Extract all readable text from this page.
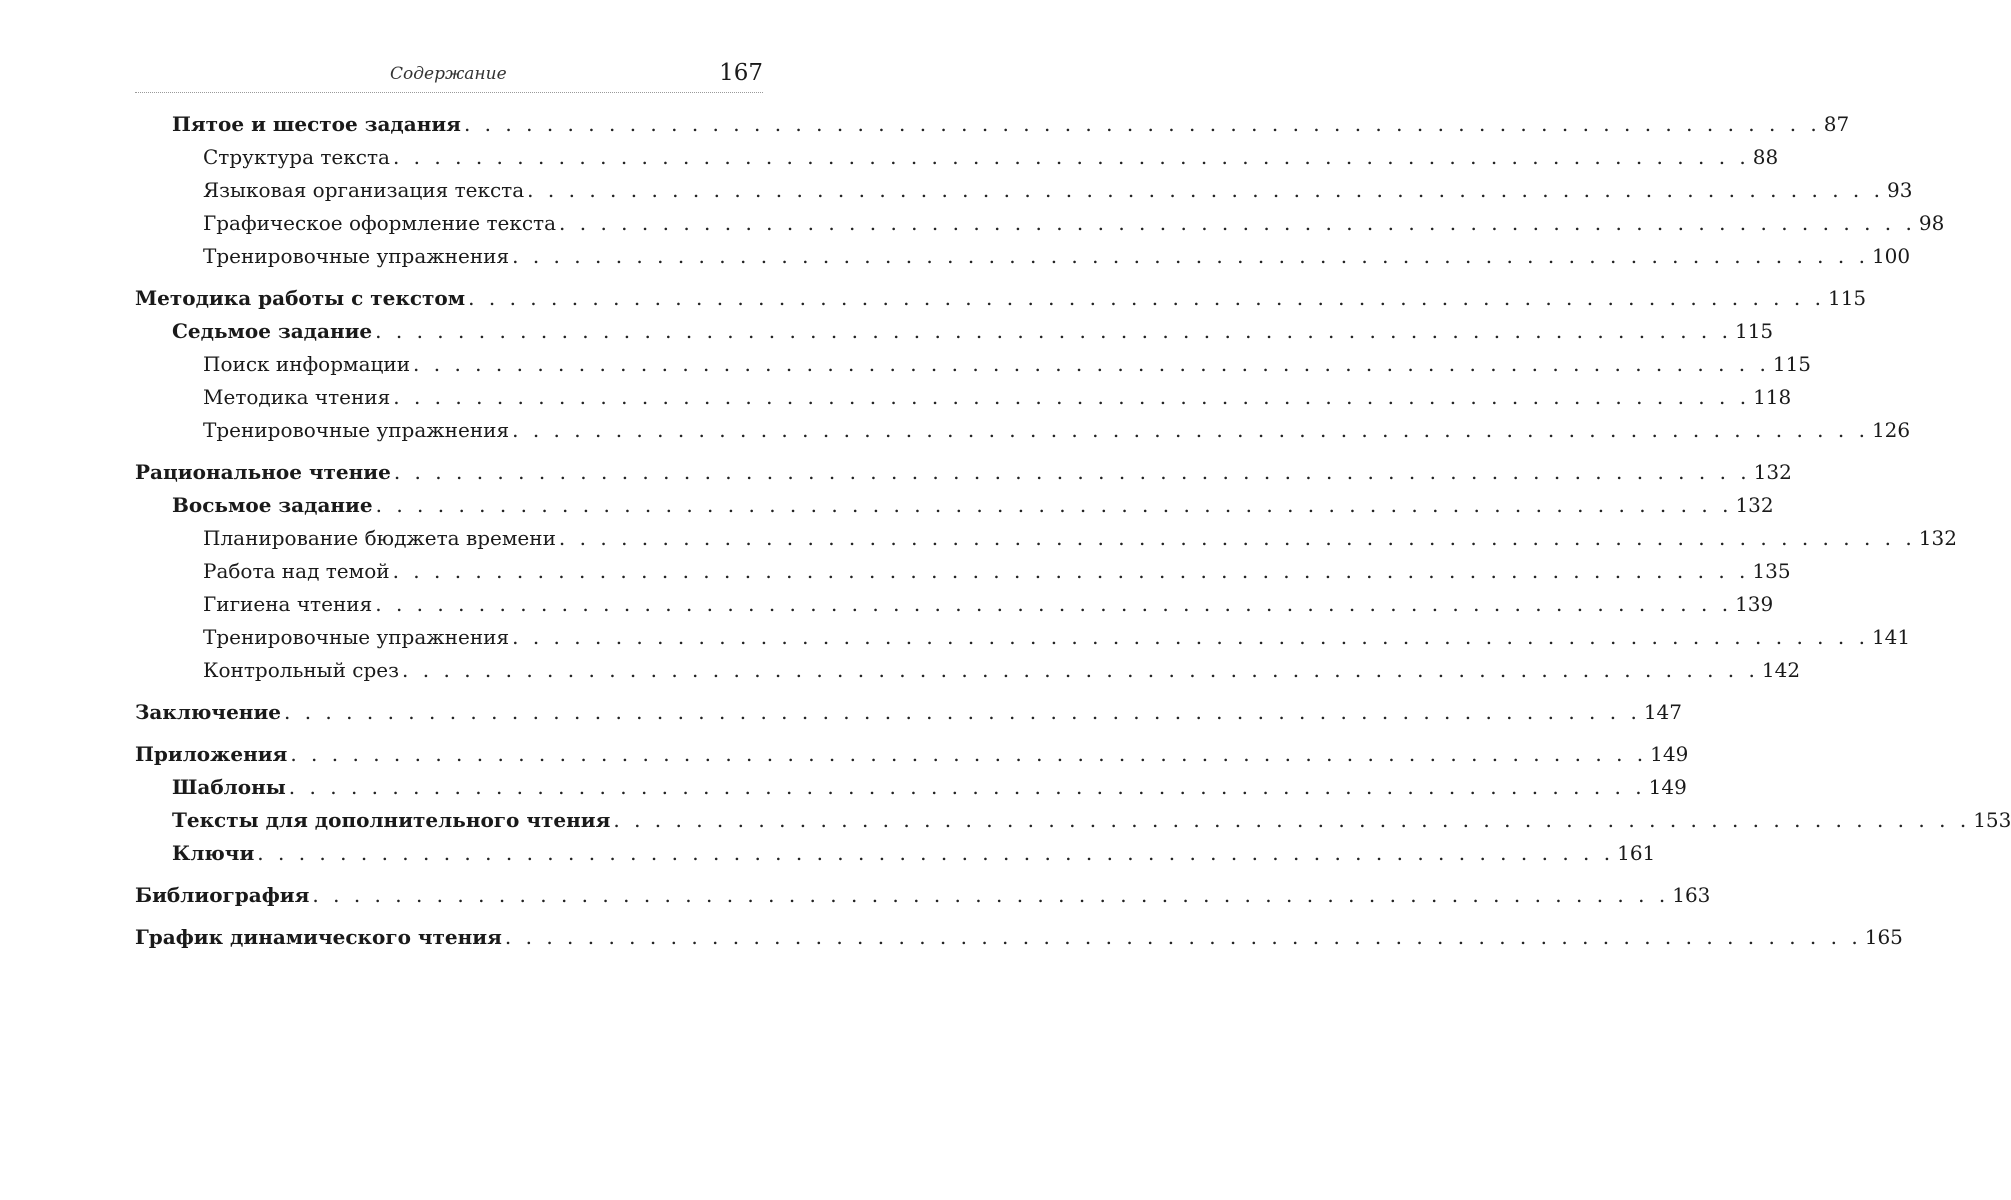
Содержание	167
Пятое и шестое задания . . . . . . . . . . . . . . . . . . . . . . . . . . . . . . . . . . . . . . . . . . . . . . . . . . . . . . . . . . . . . . . . . . 87
Структура текста . . . . . . . . . . . . . . . . . . . . . . . . . . . . . . . . . . . . . . . . . . . . . . . . . . . . . . . . . . . . . . . . . . 88
Языковая организация текста . . . . . . . . . . . . . . . . . . . . . . . . . . . . . . . . . . . . . . . . . . . . . . . . . . . . . . . . . . . . . . . . . . 93
Графическое оформление текста . . . . . . . . . . . . . . . . . . . . . . . . . . . . . . . . . . . . . . . . . . . . . . . . . . . . . . . . . . . . . . . . . . 98
Тренировочные упражнения . . . . . . . . . . . . . . . . . . . . . . . . . . . . . . . . . . . . . . . . . . . . . . . . . . . . . . . . . . . . . . . . . . 100
Методика работы с текстом . . . . . . . . . . . . . . . . . . . . . . . . . . . . . . . . . . . . . . . . . . . . . . . . . . . . . . . . . . . . . . . . . . 115
Седьмое задание . . . . . . . . . . . . . . . . . . . . . . . . . . . . . . . . . . . . . . . . . . . . . . . . . . . . . . . . . . . . . . . . . . 115
Поиск информации . . . . . . . . . . . . . . . . . . . . . . . . . . . . . . . . . . . . . . . . . . . . . . . . . . . . . . . . . . . . . . . . . . 115
Методика чтения . . . . . . . . . . . . . . . . . . . . . . . . . . . . . . . . . . . . . . . . . . . . . . . . . . . . . . . . . . . . . . . . . . 118
Тренировочные упражнения . . . . . . . . . . . . . . . . . . . . . . . . . . . . . . . . . . . . . . . . . . . . . . . . . . . . . . . . . . . . . . . . . . 126
Рациональное чтение . . . . . . . . . . . . . . . . . . . . . . . . . . . . . . . . . . . . . . . . . . . . . . . . . . . . . . . . . . . . . . . . . . 132
Восьмое задание . . . . . . . . . . . . . . . . . . . . . . . . . . . . . . . . . . . . . . . . . . . . . . . . . . . . . . . . . . . . . . . . . . 132
Планирование бюджета времени . . . . . . . . . . . . . . . . . . . . . . . . . . . . . . . . . . . . . . . . . . . . . . . . . . . . . . . . . . . . . . . . . . 132
Работа над темой . . . . . . . . . . . . . . . . . . . . . . . . . . . . . . . . . . . . . . . . . . . . . . . . . . . . . . . . . . . . . . . . . . 135
Гигиена чтения . . . . . . . . . . . . . . . . . . . . . . . . . . . . . . . . . . . . . . . . . . . . . . . . . . . . . . . . . . . . . . . . . . 139
Тренировочные упражнения . . . . . . . . . . . . . . . . . . . . . . . . . . . . . . . . . . . . . . . . . . . . . . . . . . . . . . . . . . . . . . . . . . 141
Контрольный срез . . . . . . . . . . . . . . . . . . . . . . . . . . . . . . . . . . . . . . . . . . . . . . . . . . . . . . . . . . . . . . . . . . 142
Заключение . . . . . . . . . . . . . . . . . . . . . . . . . . . . . . . . . . . . . . . . . . . . . . . . . . . . . . . . . . . . . . . . . . 147
Приложения . . . . . . . . . . . . . . . . . . . . . . . . . . . . . . . . . . . . . . . . . . . . . . . . . . . . . . . . . . . . . . . . . . 149
Шаблоны . . . . . . . . . . . . . . . . . . . . . . . . . . . . . . . . . . . . . . . . . . . . . . . . . . . . . . . . . . . . . . . . . . 149
Тексты для дополнительного чтения . . . . . . . . . . . . . . . . . . . . . . . . . . . . . . . . . . . . . . . . . . . . . . . . . . . . . . . . . . . . . . . . . . 153
Ключи . . . . . . . . . . . . . . . . . . . . . . . . . . . . . . . . . . . . . . . . . . . . . . . . . . . . . . . . . . . . . . . . . . 161
Библиография . . . . . . . . . . . . . . . . . . . . . . . . . . . . . . . . . . . . . . . . . . . . . . . . . . . . . . . . . . . . . . . . . . 163
График динамического чтения . . . . . . . . . . . . . . . . . . . . . . . . . . . . . . . . . . . . . . . . . . . . . . . . . . . . . . . . . . . . . . . . . . 165
